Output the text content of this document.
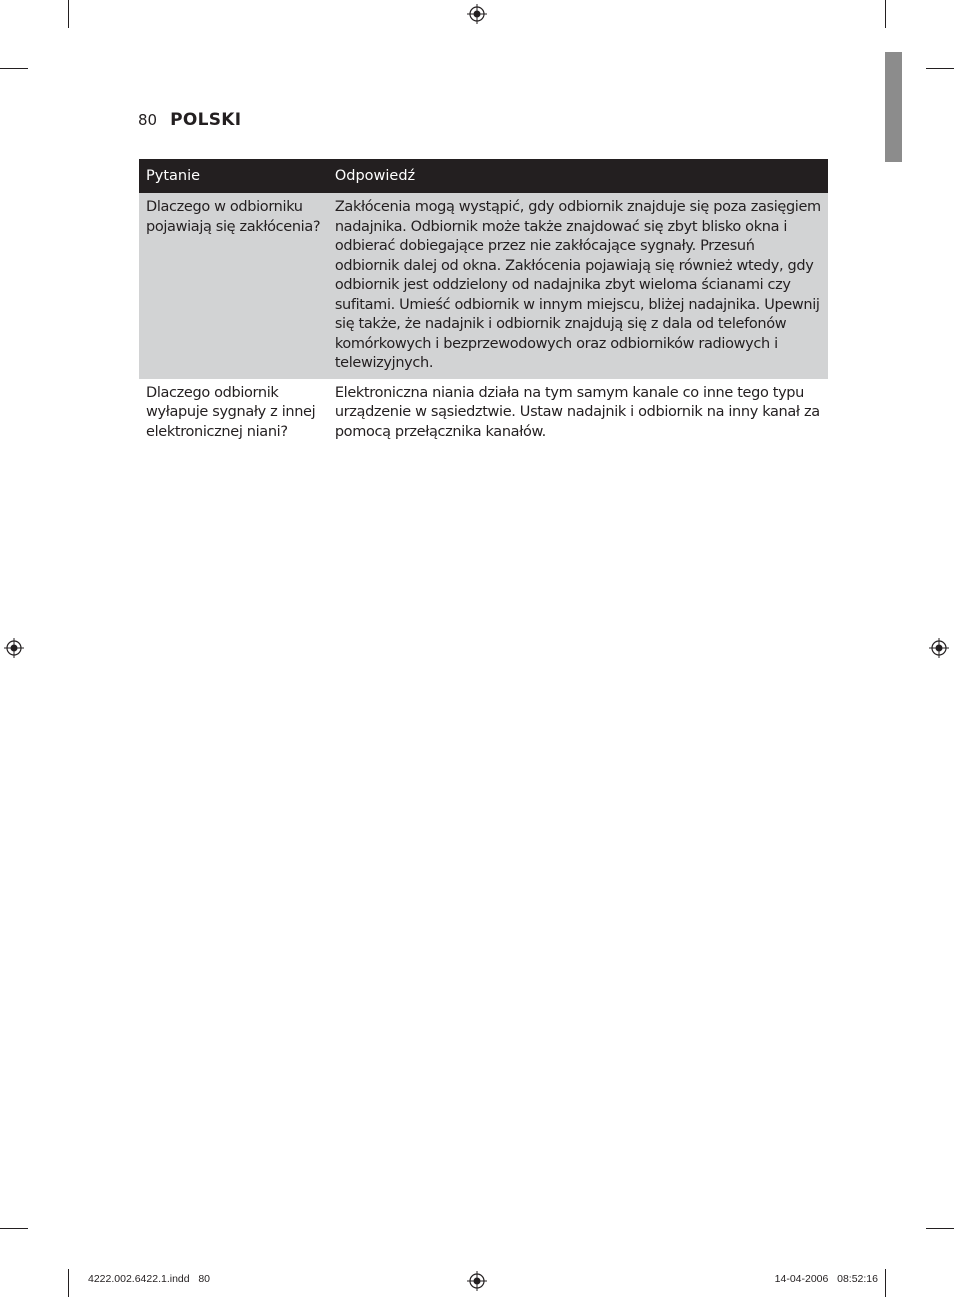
80 POLSKI
Pytanie	Odpowiedź
Dlaczego w odbiorniku pojawiają się zakłócenia?	Zakłócenia mogą wystąpić, gdy odbiornik znajduje się poza zasięgiem nadajnika. Odbiornik może także znajdować się zbyt blisko okna i odbierać dobiegające przez nie zakłócające sygnały. Przesuń odbiornik dalej od okna. Zakłócenia pojawiają się również wtedy, gdy odbiornik jest oddzielony od nadajnika zbyt wieloma ścianami czy sufitami. Umieść odbiornik w innym miejscu, bliżej nadajnika. Upewnij się także, że nadajnik i odbiornik znajdują się z dala od telefonów komórkowych i bezprzewodowych oraz odbiorników radiowych i telewizyjnych.
Dlaczego odbiornik wyłapuje sygnały z innej elektronicznej niani?	Elektroniczna niania działa na tym samym kanale co inne tego typu urządzenie w sąsiedztwie. Ustaw nadajnik i odbiornik na inny kanał za pomocą przełącznika kanałów.
4222.002.6422.1.indd   80	14-04-2006   08:52:16
